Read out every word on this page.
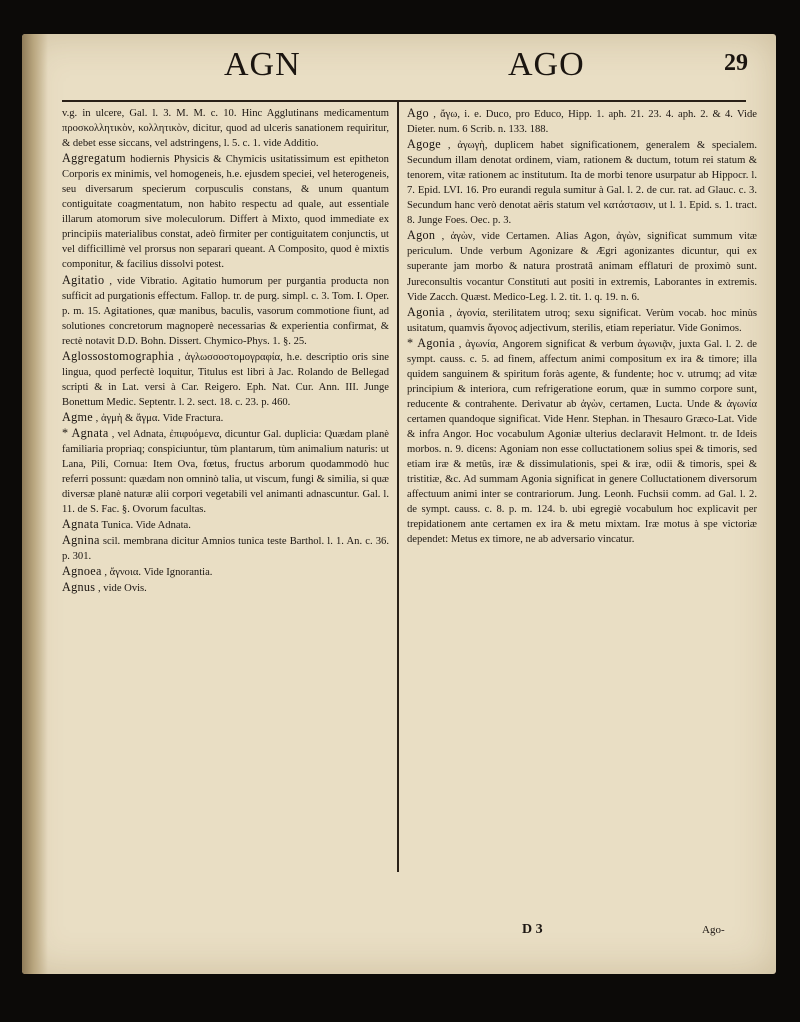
AGN	AGO	29

v.g. in ulcere, Gal. l. 3. M. M. c. 10. Hinc Agglutinans medicamentum προσκολλητικὸν, κολλητικὸν, dicitur, quod ad ulceris sanationem requiritur, & debet esse siccans, vel adstringens, l. 5. c. 1. vide Additio.

Aggregatum hodiernis Physicis & Chymicis usitatissimum est epitheton Corporis ex minimis, vel homogeneis, h.e. ejusdem speciei, vel heterogeneis, seu diversarum specierum corpusculis constans, & unum quantum contiguitate coagmentatum, non habito respectu ad quale, aut essentiale illarum atomorum sive moleculorum. Differt à Mixto, quod immediate ex principiis materialibus constat, adeò firmiter per contiguitatem conjunctis, ut vel difficillimè vel prorsus non separari queant. A Composito, quod è mixtis componitur, & facilius dissolvi potest.

Agitatio , vide Vibratio. Agitatio humorum per purgantia producta non sufficit ad purgationis effectum. Fallop. tr. de purg. simpl. c. 3. Tom. I. Oper. p. m. 15. Agitationes, quæ manibus, baculis, vasorum commotione fiunt, ad solutiones concretorum magnoperè necessarias & experientia confirmat, & rectè notavit D.D. Bohn. Dissert. Chymico-Phys. 1. §. 25.

Aglossostomographia , ἀγλωσσοστομογραφία, h.e. descriptio oris sine lingua, quod perfectè loquitur, Titulus est libri à Jac. Rolando de Bellegad scripti & in Lat. versi à Car. Reigero. Eph. Nat. Cur. Ann. III. Junge Bonettum Medic. Septentr. l. 2. sect. 18. c. 23. p. 460.

Agme , ἀγμὴ & ἄγμα. Vide Fractura.

* Agnata , vel Adnata, ἐπιφυόμενα, dicuntur Gal. duplicia: Quædam planè familiaria propriaq; conspiciuntur, tùm plantarum, tùm animalium naturis: ut Lana, Pili, Cornua: Item Ova, fœtus, fructus arborum quodammodò huc referri possunt: quædam non omninò talia, ut viscum, fungi & similia, si quæ diversæ planè naturæ alii corpori vegetabili vel animanti adnascuntur. Gal. l. 11. de S. Fac. §. Ovorum facultas.

Agnata Tunica. Vide Adnata.

Agnina scil. membrana dicitur Amnios tunica teste Barthol. l. 1. An. c. 36. p. 301.

Agnoea , ἄγνοια. Vide Ignorantia.

Agnus , vide Ovis.

Ago , ἄγω, i. e. Duco, pro Educo, Hipp. 1. aph. 21. 23. 4. aph. 2. & 4. Vide Dieter. num. 6 Scrib. n. 133. 188.

Agoge , ἀγωγὴ, duplicem habet significationem, generalem & specialem. Secundum illam denotat ordinem, viam, rationem & ductum, totum rei statum & tenorem, vitæ rationem ac institutum. Ita de morbi tenore usurpatur ab Hippocr. l. 7. Epid. LVI. 16. Pro eurandi regula sumitur à Gal. l. 2. de cur. rat. ad Glauc. c. 3. Secundum hanc verò denotat aëris statum vel κατάστασιν, ut l. 1. Epid. s. 1. tract. 8. Junge Foes. Oec. p. 3.

Agon , ἀγὼν, vide Certamen. Alias Agon, ἀγὼν, significat summum vitæ periculum. Unde verbum Agonizare & Ægri agonizantes dicuntur, qui ex superante jam morbo & natura prostratâ animam efflaturi de proximò sunt. Jureconsultis vocantur Constituti aut positi in extremis, Laborantes in extremis. Vide Zacch. Quæst. Medico-Leg. l. 2. tit. 1. q. 19. n. 6.

Agonia , ἀγονία, sterilitatem utroq; sexu significat. Verùm vocab. hoc minùs usitatum, quamvis ἄγονος adjectivum, sterilis, etiam reperiatur. Vide Gonimos.

* Agonia , ἀγωνία, Angorem significat & verbum ἀγωνιᾷν, juxta Gal. l. 2. de sympt. causs. c. 5. ad finem, affectum animi compositum ex ira & timore; illa quidem sanguinem & spiritum foràs agente, & fundente; hoc v. utrumq; ad vitæ principium & interiora, cum refrigeratione eorum, quæ in summo corpore sunt, reducente & contrahente. Derivatur ab ἀγὼν, certamen, Lucta. Unde & ἀγωνία certamen quandoque significat. Vide Henr. Stephan. in Thesauro Græco-Lat. Vide & infra Angor. Hoc vocabulum Agoniæ ulterius declaravit Helmont. tr. de Ideis morbos. n. 9. dicens: Agoniam non esse colluctationem solius spei & timoris, sed etiam iræ & metûs, iræ & dissimulationis, spei & iræ, odii & timoris, spei & tristitiæ, &c. Ad summam Agonia significat in genere Colluctationem diversorum affectuum animi inter se contrariorum. Jung. Leonh. Fuchsii comm. ad Gal. l. 2. de sympt. causs. c. 8. p. m. 124. b. ubi egregiè vocabulum hoc explicavit per trepidationem ante certamen ex ira & metu mixtam. Iræ motus à spe victoriæ dependet: Metus ex timore, ne ab adversario vincatur.

D 3	Ago-
